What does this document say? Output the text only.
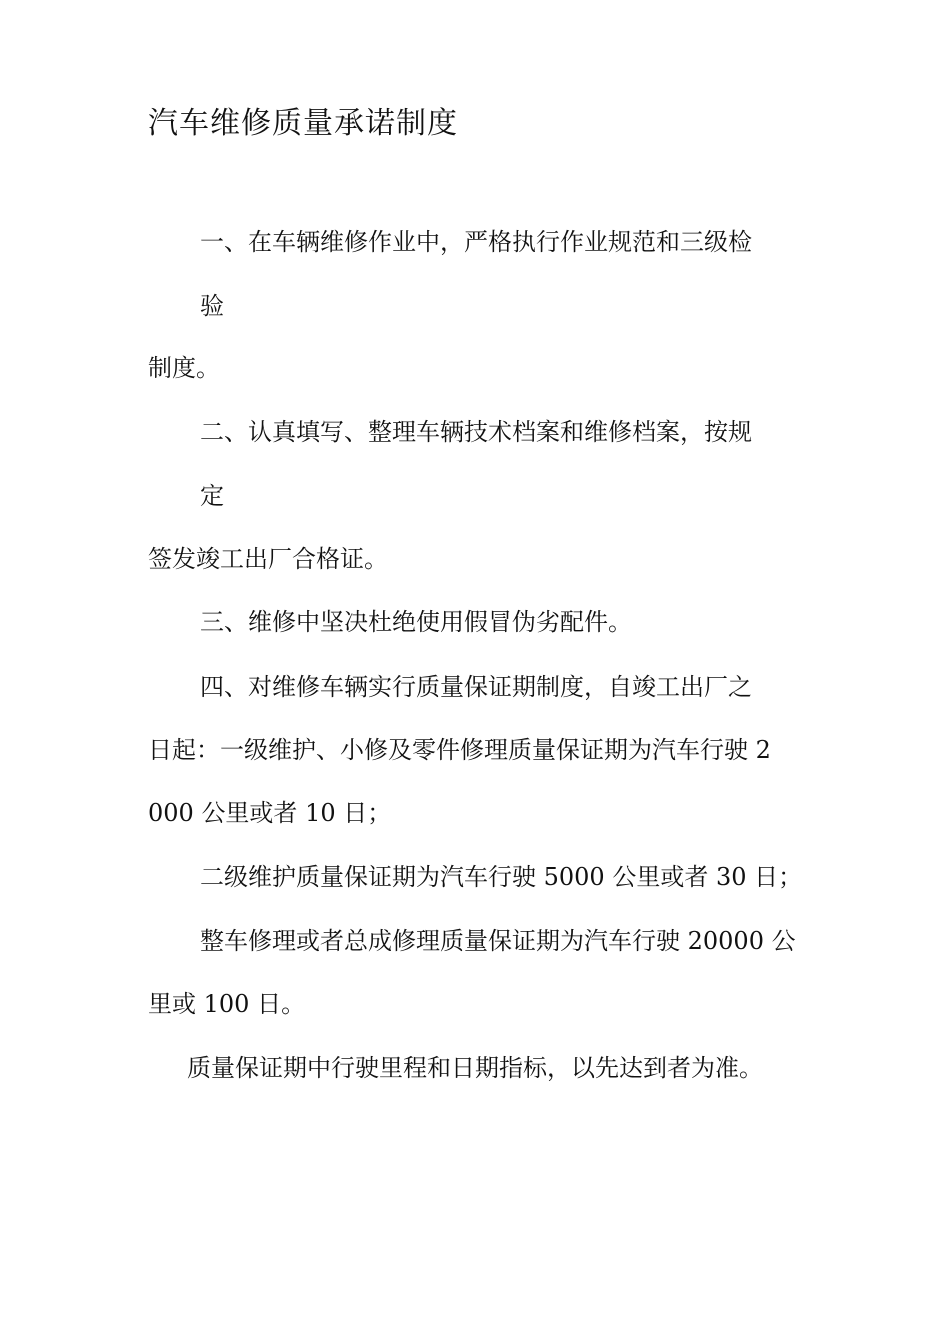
汽车维修质量承诺制度

一、在车辆维修作业中，严格执行作业规范和三级检

验

制度。

二、认真填写、整理车辆技术档案和维修档案，按规

定

签发竣工出厂合格证。

三、维修中坚决杜绝使用假冒伪劣配件。

四、对维修车辆实行质量保证期制度，自竣工出厂之

日起：一级维护、小修及零件修理质量保证期为汽车行驶 2

000 公里或者 10 日；

二级维护质量保证期为汽车行驶 5000 公里或者 30 日；

整车修理或者总成修理质量保证期为汽车行驶 20000 公

里或 100 日。

质量保证期中行驶里程和日期指标，以先达到者为准。
